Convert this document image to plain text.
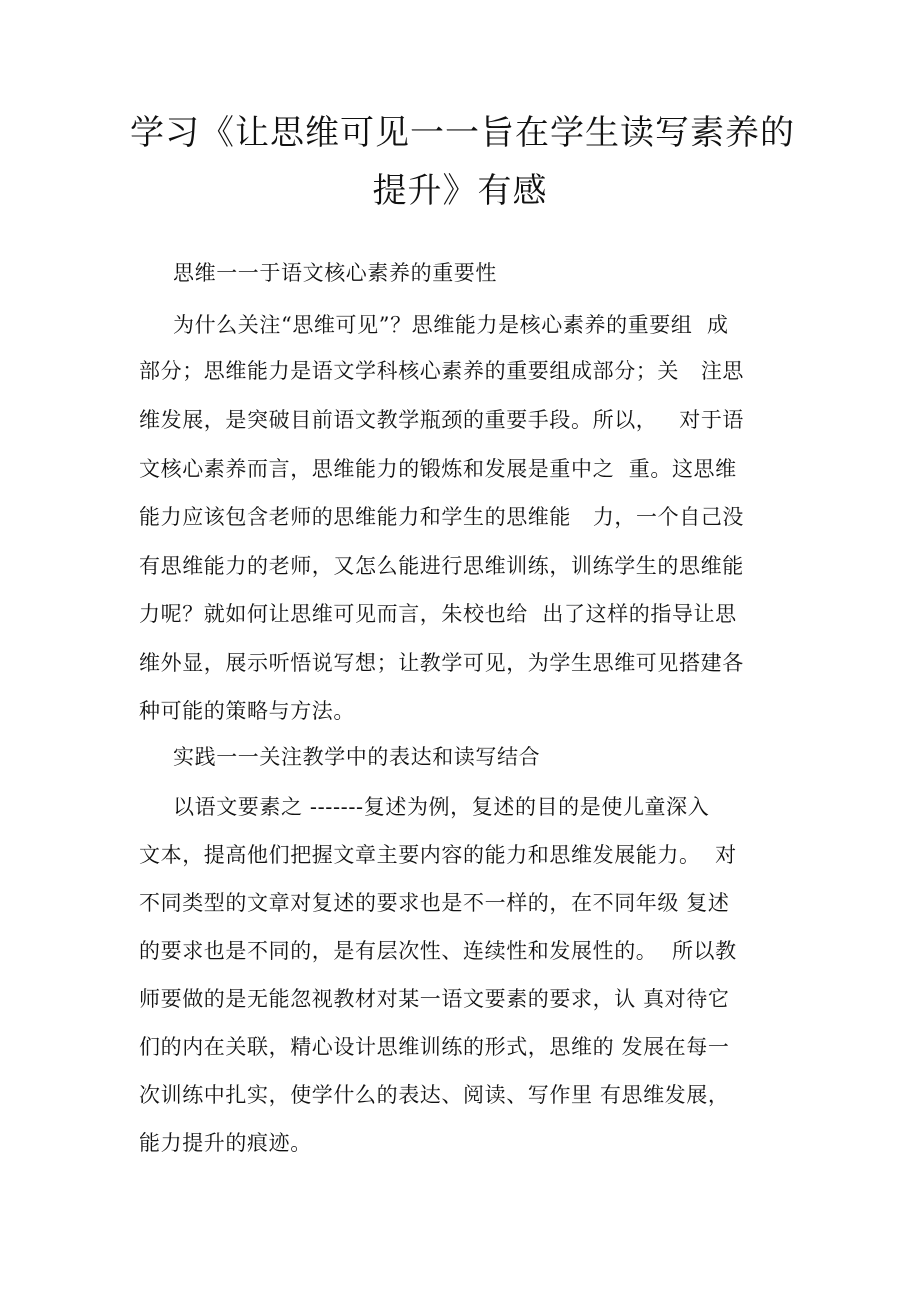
学习《让思维可见一一旨在学生读写素养的
提升》有感
思维一一于语文核心素养的重要性
为什么关注“思维可见”？思维能力是核心素养的重要组  成
部分；思维能力是语文学科核心素养的重要组成部分；关   注思
维发展，是突破目前语文教学瓶颈的重要手段。所以，   对于语
文核心素养而言，思维能力的锻炼和发展是重中之  重。这思维
能力应该包含老师的思维能力和学生的思维能   力，一个自己没
有思维能力的老师，又怎么能进行思维训练，训练学生的思维能
力呢？就如何让思维可见而言，朱校也给  出了这样的指导让思
维外显，展示听悟说写想；让教学可见，为学生思维可见搭建各
种可能的策略与方法。
实践一一关注教学中的表达和读写结合
以语文要素之 -------复述为例，复述的目的是使儿童深入
文本，提高他们把握文章主要内容的能力和思维发展能力。  对
不同类型的文章对复述的要求也是不一样的，在不同年级 复述
的要求也是不同的，是有层次性、连续性和发展性的。  所以教
师要做的是无能忽视教材对某一语文要素的要求，认 真对待它
们的内在关联，精心设计思维训练的形式，思维的 发展在每一
次训练中扎实，使学什么的表达、阅读、写作里 有思维发展，
能力提升的痕迹。
